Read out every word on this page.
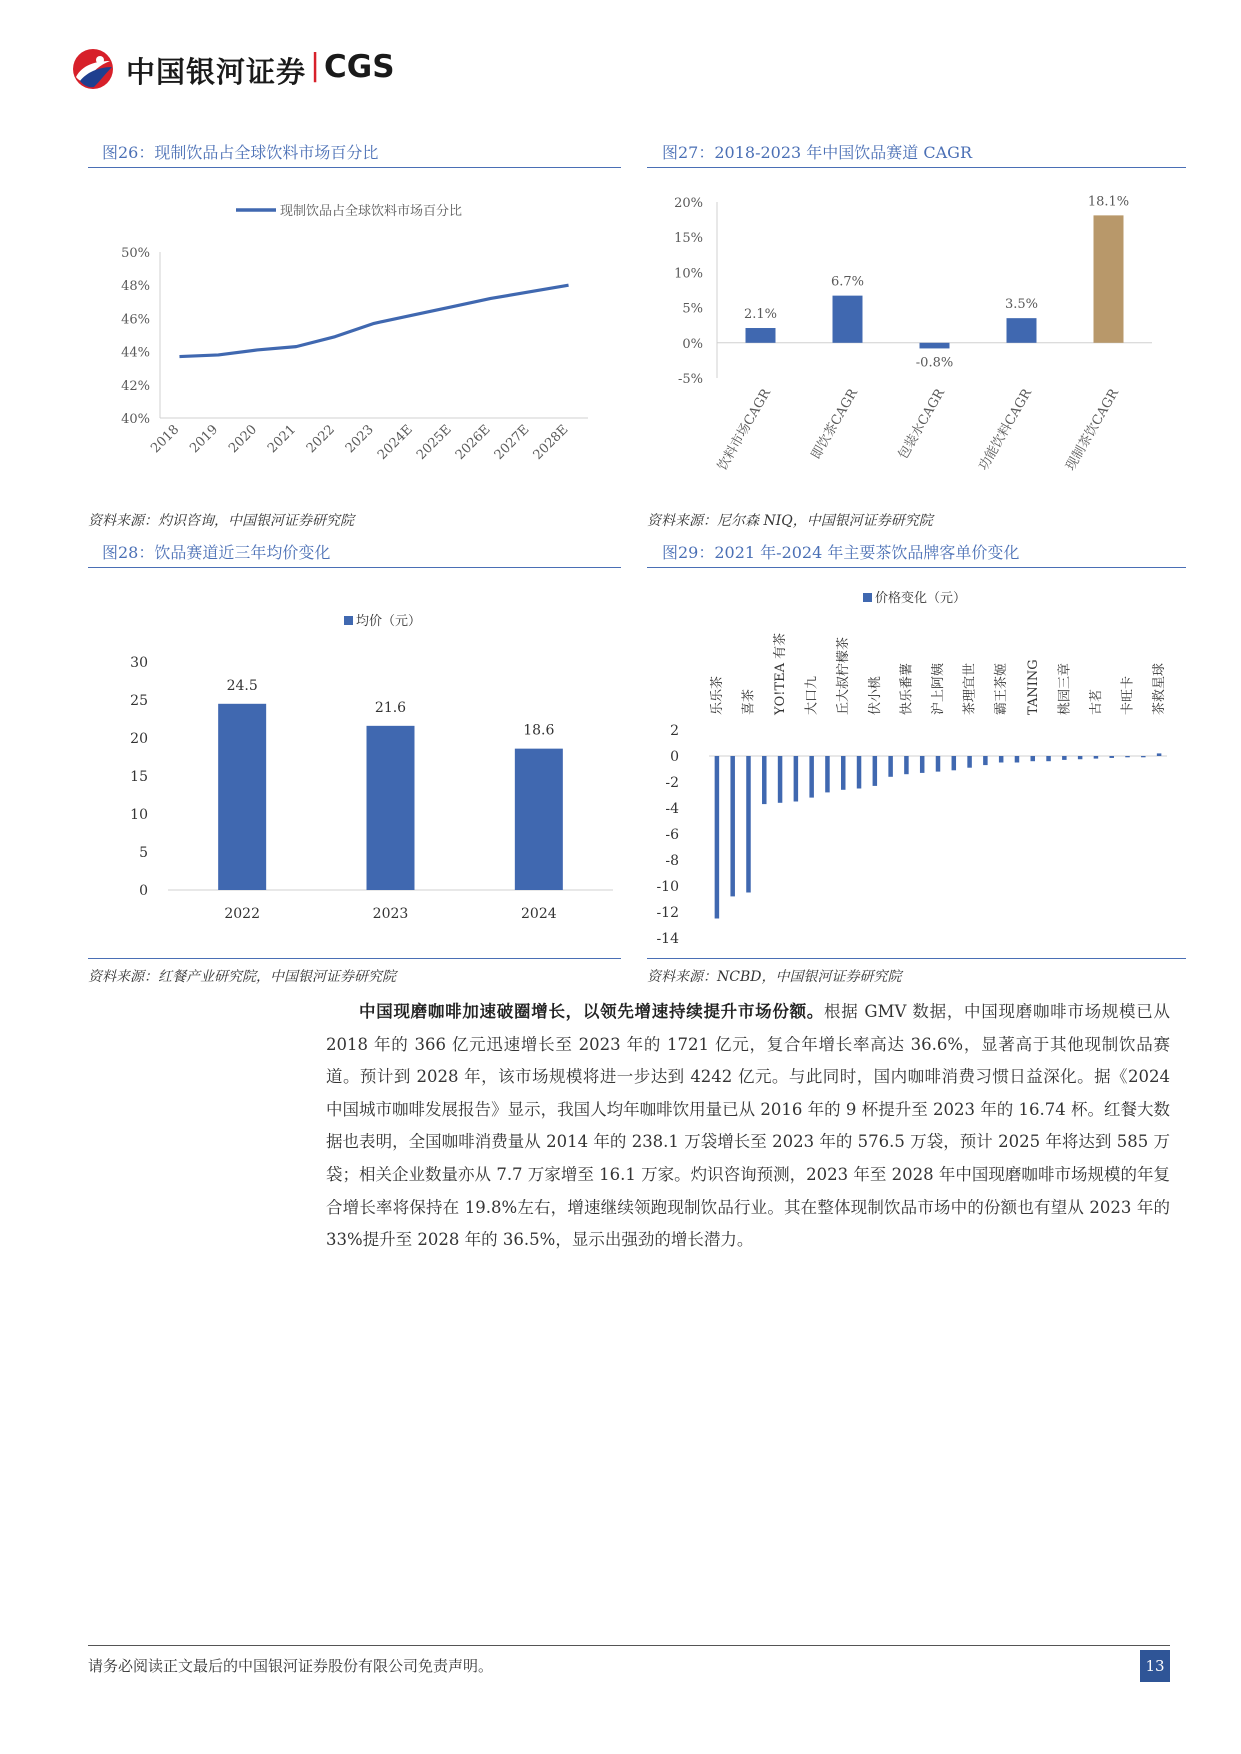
中国银河证券 | CGS
图26：现制饮品占全球饮料市场百分比
40%
42%
44%
46%
48%
50%
2018 2019 2020 2021 2022 2023
2024E
2025E
2026E
2027E
2028E
现制饮品占全球饮料市场百分比
资料来源：灼识咨询，中国银河证券研究院
图27：2018-2023 年中国饮品赛道 CAGR
-5%
0%
5%
10%
15%
20%
2.1%
饮料市场CAGR
6.7%
即饮茶CAGR
-0.8%
包装水CAGR
3.5%
功能饮料CAGR
18.1%
现制茶饮CAGR
资料来源：尼尔森 NIQ，中国银河证券研究院
图28：饮品赛道近三年均价变化
0
5
10
15
20
25
30
24.5
2022
21.6
2023
18.6
2024
均价（元）
资料来源：红餐产业研究院，中国银河证券研究院
图29：2021 年-2024 年主要茶饮品牌客单价变化
-14
-12
-10
-8
-6
-4
-2
0
2
乐乐茶 喜茶 YO!TEA 有茶 大口九 丘大叔柠檬茶 伏小桃 快乐番薯 沪上阿姨 茶理宜世 霸王茶姬 TANING 桃园三章 古茗 卡旺卡 茶救星球
价格变化（元）
资料来源：NCBD，中国银河证券研究院
中国现磨咖啡加速破圈增长，以领先增速持续提升市场份额。根据 GMV 数据，中国现磨咖啡市场规模已从 2018 年的 366 亿元迅速增长至 2023 年的 1721 亿元，复合年增长率高达 36.6%，显著高于其他现制饮品赛道。预计到 2028 年，该市场规模将进一步达到 4242 亿元。与此同时，国内咖啡消费习惯日益深化。据《2024 中国城市咖啡发展报告》显示，我国人均年咖啡饮用量已从 2016 年的 9 杯提升至 2023 年的 16.74 杯。红餐大数据也表明，全国咖啡消费量从 2014 年的 238.1 万袋增长至 2023 年的 576.5 万袋，预计 2025 年将达到 585 万袋；相关企业数量亦从 7.7 万家增至 16.1 万家。灼识咨询预测，2023 年至 2028 年中国现磨咖啡市场规模的年复合增长率将保持在 19.8%左右，增速继续领跑现制饮品行业。其在整体现制饮品市场中的份额也有望从 2023 年的 33%提升至 2028 年的 36.5%，显示出强劲的增长潜力。
请务必阅读正文最后的中国银河证券股份有限公司免责声明。	13
